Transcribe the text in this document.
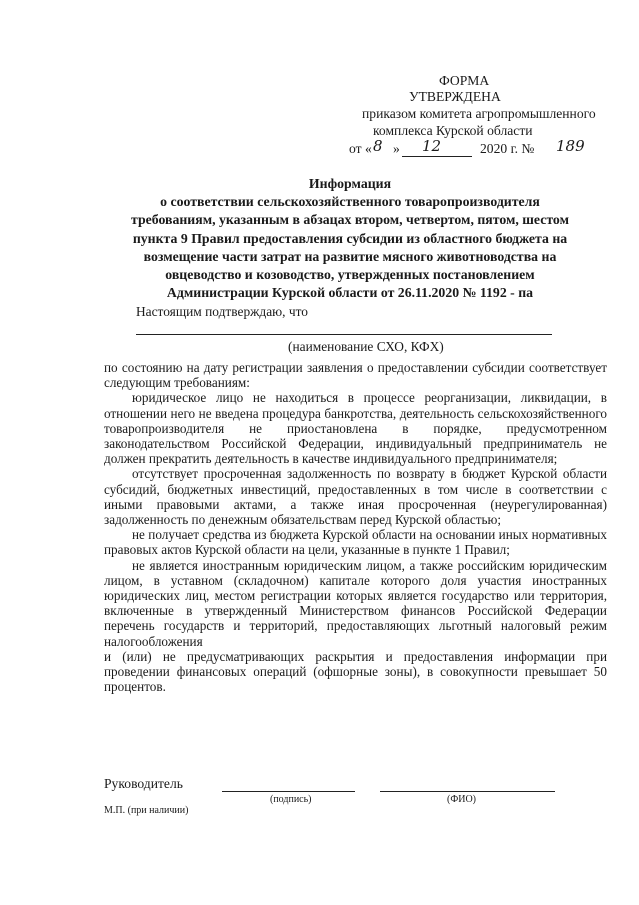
ФОРМА
УТВЕРЖДЕНА
приказом комитета агропромышленного
комплекса Курской области
от « 8 » 12	2020 г. № 189
Информация
о соответствии сельскохозяйственного товаропроизводителя
требованиям, указанным в абзацах втором, четвертом, пятом, шестом
пункта 9 Правил предоставления субсидии из областного бюджета на
возмещение части затрат на развитие мясного животноводства на
овцеводство и козоводство, утвержденных постановлением
Администрации Курской области от 26.11.2020 № 1192 - па
Настоящим подтверждаю, что
(наименование СХО, КФХ)

по состоянию на дату регистрации заявления о предоставлении субсидии соответствует следующим требованиям:

юридическое лицо не находиться в процессе реорганизации, ликвидации, в отношении него не введена процедура банкротства, деятельность сельскохозяйственного товаропроизводителя не приостановлена в порядке, предусмотренном законодательством Российской Федерации, индивидуальный предприниматель не должен прекратить деятельность в качестве индивидуального предпринимателя;

отсутствует просроченная задолженность по возврату в бюджет Курской области субсидий, бюджетных инвестиций, предоставленных в том числе в соответствии с иными правовыми актами, а также иная просроченная (неурегулированная) задолженность по денежным обязательствам перед Курской областью;

не получает средства из бюджета Курской области на основании иных нормативных правовых актов Курской области на цели, указанные в пункте 1 Правил;

не является иностранным юридическим лицом, а также российским юридическим лицом, в уставном (складочном) капитале которого доля участия иностранных юридических лиц, местом регистрации которых является государство или территория, включенные в утвержденный Министерством финансов Российской Федерации перечень государств и территорий, предоставляющих льготный налоговый режим налогообложения

и (или) не предусматривающих раскрытия и предоставления информации при проведении финансовых операций (офшорные зоны), в совокупности превышает 50 процентов.

Руководитель
(подпись)	(ФИО)
М.П. (при наличии)
